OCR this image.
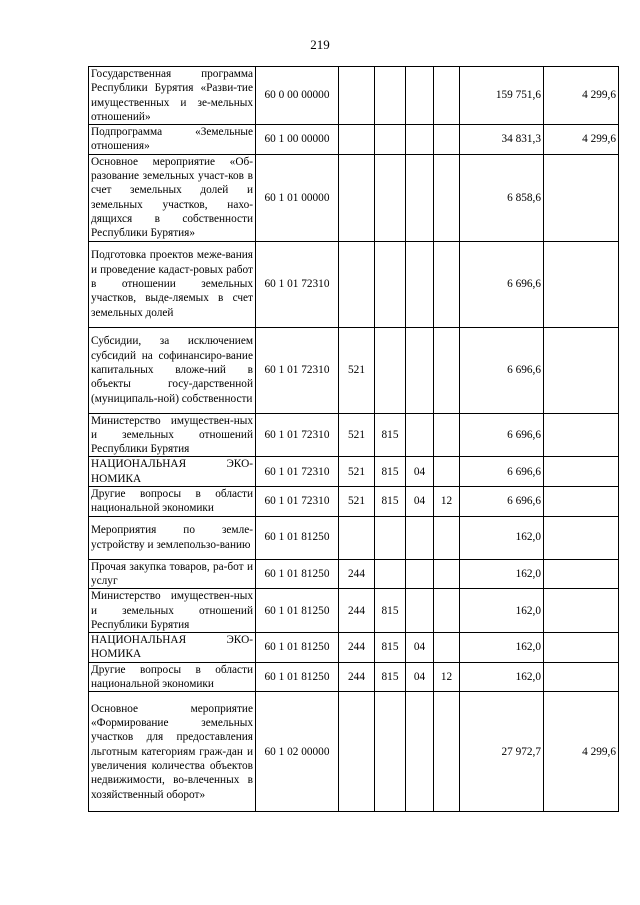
219
Государственная программа Республики Бурятия «Разви-тие имущественных и зе-мельных отношений»	60 0 00 00000					159 751,6	4 299,6
Подпрограмма «Земельные отношения»	60 1 00 00000					34 831,3	4 299,6
Основное мероприятие «Об-разование земельных участ-ков в счет земельных долей и земельных участков, нахо-дящихся в собственности Республики Бурятия»	60 1 01 00000					6 858,6	
Подготовка проектов меже-вания и проведение кадаст-ровых работ в отношении земельных участков, выде-ляемых в счет земельных долей	60 1 01 72310					6 696,6	
Субсидии, за исключением субсидий на софинансиро-вание капитальных вложе-ний в объекты госу-дарственной (муниципаль-ной) собственности	60 1 01 72310	521				6 696,6	
Министерство имуществен-ных и земельных отношений Республики Бурятия	60 1 01 72310	521	815			6 696,6	
НАЦИОНАЛЬНАЯ ЭКО-НОМИКА	60 1 01 72310	521	815	04		6 696,6	
Другие вопросы в области национальной экономики	60 1 01 72310	521	815	04	12	6 696,6	
Мероприятия по земле-устройству и землепользо-ванию	60 1 01 81250					162,0	
Прочая закупка товаров, ра-бот и услуг	60 1 01 81250	244				162,0	
Министерство имуществен-ных и земельных отношений Республики Бурятия	60 1 01 81250	244	815			162,0	
НАЦИОНАЛЬНАЯ ЭКО-НОМИКА	60 1 01 81250	244	815	04		162,0	
Другие вопросы в области национальной экономики	60 1 01 81250	244	815	04	12	162,0	
Основное мероприятие «Формирование земельных участков для предоставления льготным категориям граж-дан и увеличения количества объектов недвижимости, во-влеченных в хозяйственный оборот»	60 1 02 00000					27 972,7	4 299,6
